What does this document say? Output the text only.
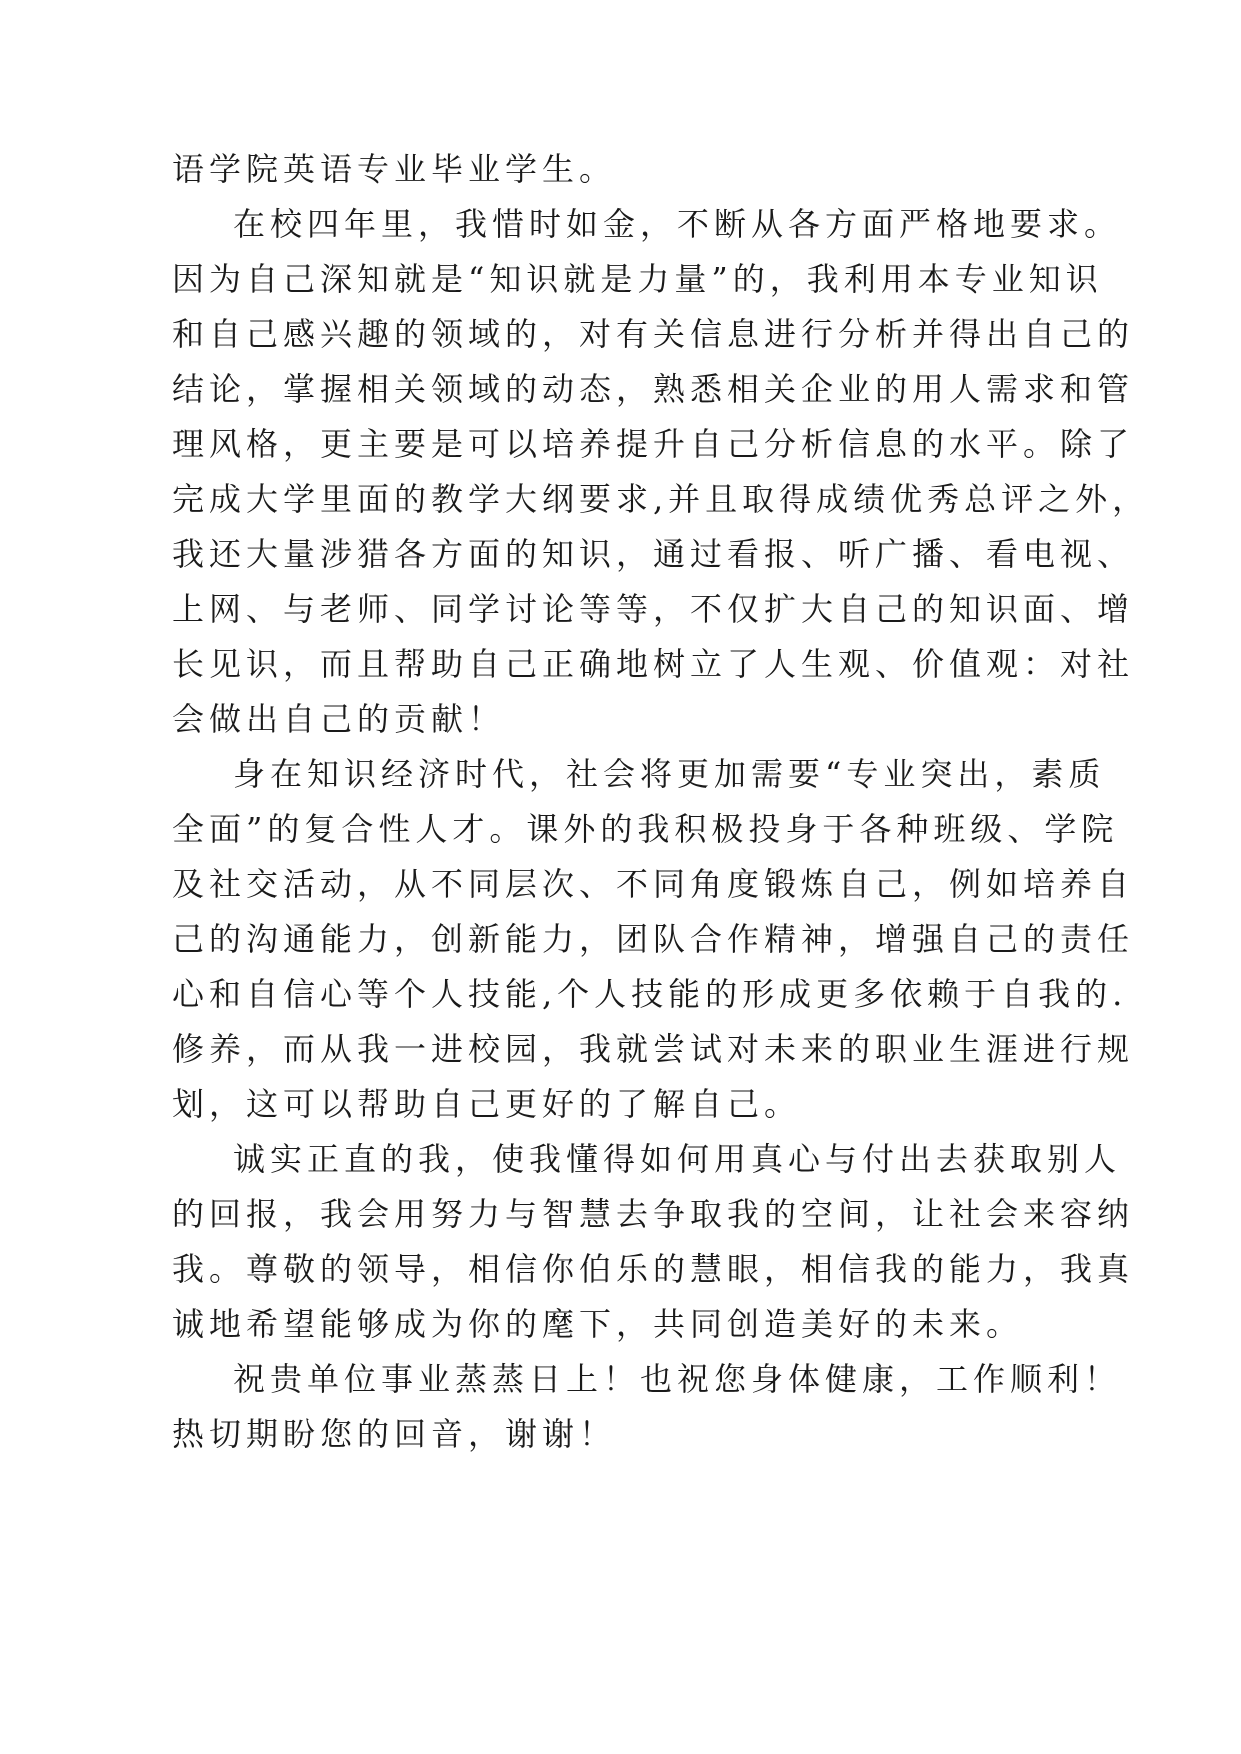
语学院英语专业毕业学生。
在校四年里，我惜时如金，不断从各方面严格地要求。
因为自己深知就是“知识就是力量”的，我利用本专业知识
和自己感兴趣的领域的，对有关信息进行分析并得出自己的
结论，掌握相关领域的动态，熟悉相关企业的用人需求和管
理风格，更主要是可以培养提升自己分析信息的水平。除了
完成大学里面的教学大纲要求,并且取得成绩优秀总评之外，
我还大量涉猎各方面的知识，通过看报、听广播、看电视、
上网、与老师、同学讨论等等，不仅扩大自己的知识面、增
长见识，而且帮助自己正确地树立了人生观、价值观：对社
会做出自己的贡献！
身在知识经济时代，社会将更加需要“专业突出，素质
全面”的复合性人才。课外的我积极投身于各种班级、学院
及社交活动，从不同层次、不同角度锻炼自己，例如培养自
己的沟通能力，创新能力，团队合作精神，增强自己的责任
心和自信心等个人技能,个人技能的形成更多依赖于自我的.
修养，而从我一进校园，我就尝试对未来的职业生涯进行规
划，这可以帮助自己更好的了解自己。
诚实正直的我，使我懂得如何用真心与付出去获取别人
的回报，我会用努力与智慧去争取我的空间，让社会来容纳
我。尊敬的领导，相信你伯乐的慧眼，相信我的能力，我真
诚地希望能够成为你的麾下，共同创造美好的未来。
祝贵单位事业蒸蒸日上！也祝您身体健康，工作顺利！
热切期盼您的回音，谢谢！
